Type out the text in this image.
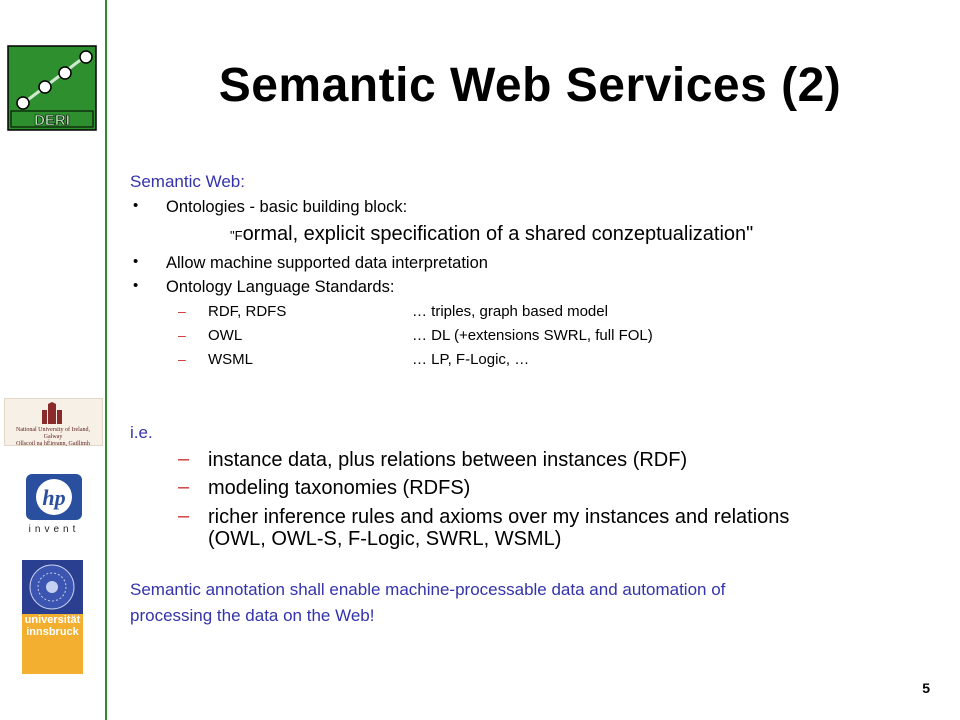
DERI
National University of Ireland, Galway
Ollscoil na hÉireann, Gaillimh
hp
invent
universität
innsbruck
Semantic Web Services (2)
Semantic Web:
• Ontologies - basic building block:
"Formal, explicit specification of a shared conzeptualization"
• Allow machine supported data interpretation
• Ontology Language Standards:
– RDF, RDFS	… triples, graph based model
– OWL	… DL (+extensions SWRL, full FOL)
– WSML	… LP, F-Logic, …
i.e.
– instance data, plus relations between instances (RDF)
– modeling taxonomies (RDFS)
– richer inference rules and axioms over my instances and relations
(OWL, OWL-S, F-Logic, SWRL, WSML)
Semantic annotation shall enable machine-processable data and automation of
processing the data on the Web!
5
